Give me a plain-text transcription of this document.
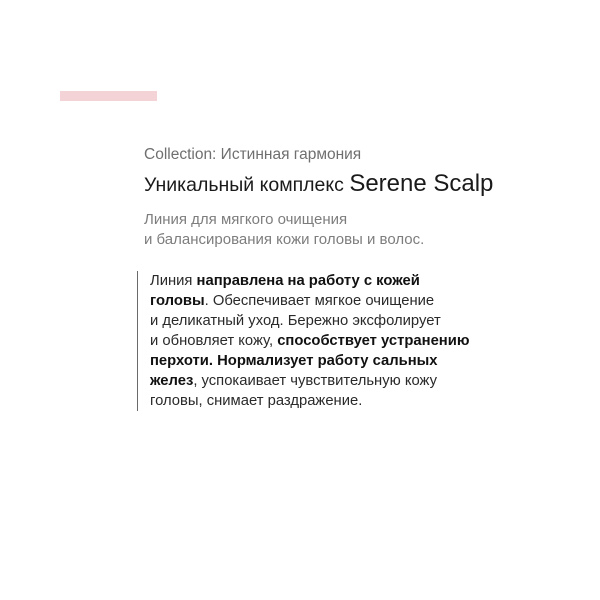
Collection: Истинная гармония
Уникальный комплекс Serene Scalp
Линия для мягкого очищения
и балансирования кожи головы и волос.
Линия направлена на работу с кожей
головы. Обеспечивает мягкое очищение
и деликатный уход. Бережно эксфолирует
и обновляет кожу, способствует устранению
перхоти. Нормализует работу сальных
желез, успокаивает чувствительную кожу
головы, снимает раздражение.
